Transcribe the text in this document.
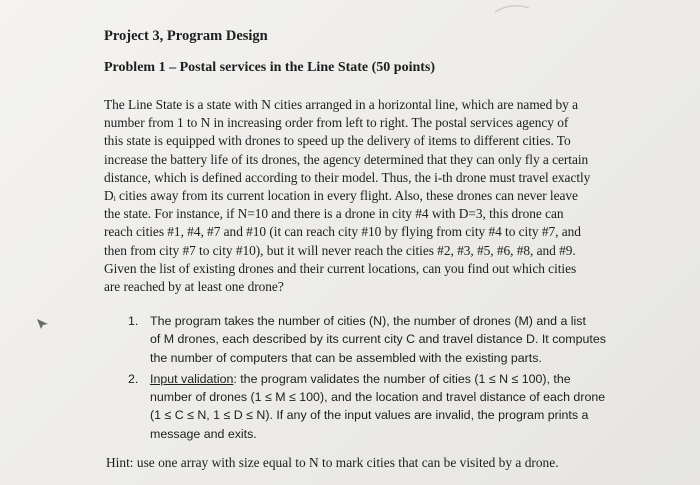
Project 3, Program Design
Problem 1 – Postal services in the Line State (50 points)
The Line State is a state with N cities arranged in a horizontal line, which are named by a
number from 1 to N in increasing order from left to right. The postal services agency of
this state is equipped with drones to speed up the delivery of items to different cities. To
increase the battery life of its drones, the agency determined that they can only fly a certain
distance, which is defined according to their model. Thus, the i-th drone must travel exactly
Dᵢ cities away from its current location in every flight. Also, these drones can never leave
the state. For instance, if N=10 and there is a drone in city #4 with D=3, this drone can
reach cities #1, #4, #7 and #10 (it can reach city #10 by flying from city #4 to city #7, and
then from city #7 to city #10), but it will never reach the cities #2, #3, #5, #6, #8, and #9.
Given the list of existing drones and their current locations, can you find out which cities
are reached by at least one drone?
1. The program takes the number of cities (N), the number of drones (M) and a list
of M drones, each described by its current city C and travel distance D. It computes
the number of computers that can be assembled with the existing parts.
2. Input validation: the program validates the number of cities (1 ≤ N ≤ 100), the
number of drones (1 ≤ M ≤ 100), and the location and travel distance of each drone
(1 ≤ C ≤ N, 1 ≤ D ≤ N). If any of the input values are invalid, the program prints a
message and exits.
Hint: use one array with size equal to N to mark cities that can be visited by a drone.
